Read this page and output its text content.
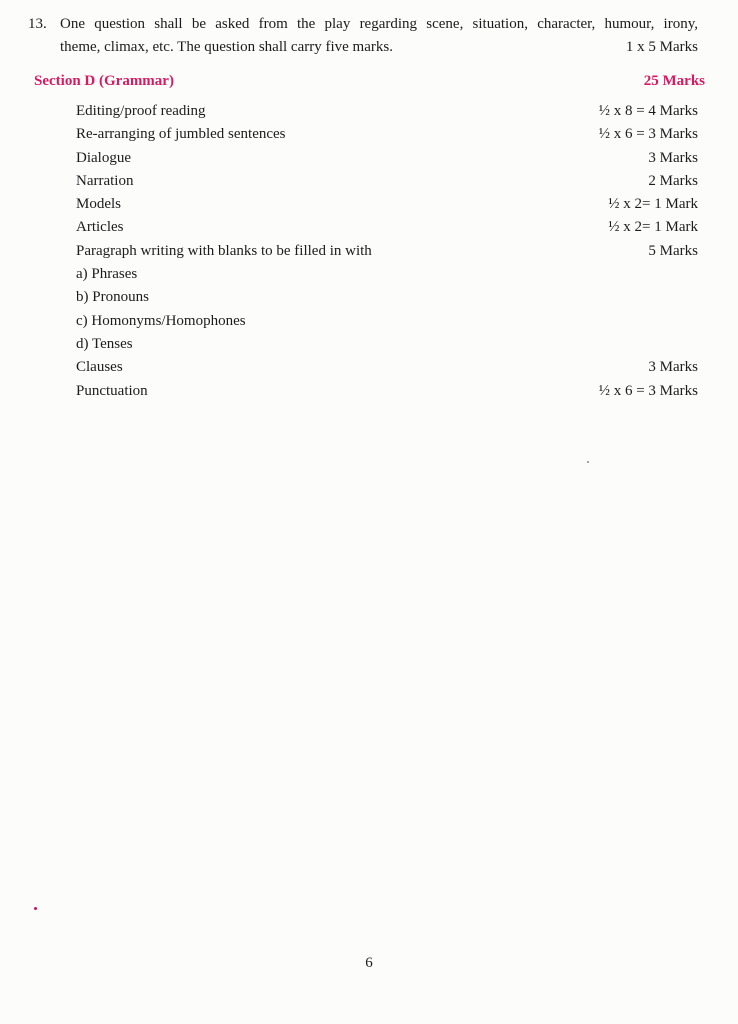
13. One question shall be asked from the play regarding scene, situation, character, humour, irony,
theme, climax, etc. The question shall carry five marks.	1 x 5 Marks
Section D (Grammar)	25 Marks
Editing/proof reading	½ x 8 = 4 Marks
Re-arranging of jumbled sentences	½ x 6 = 3 Marks
Dialogue	3 Marks
Narration	2 Marks
Models	½ x 2= 1 Mark
Articles	½ x 2= 1 Mark
Paragraph writing with blanks to be filled in with	5 Marks
a) Phrases
b) Pronouns
c) Homonyms/Homophones
d) Tenses
Clauses	3 Marks
Punctuation	½ x 6 = 3 Marks
6
